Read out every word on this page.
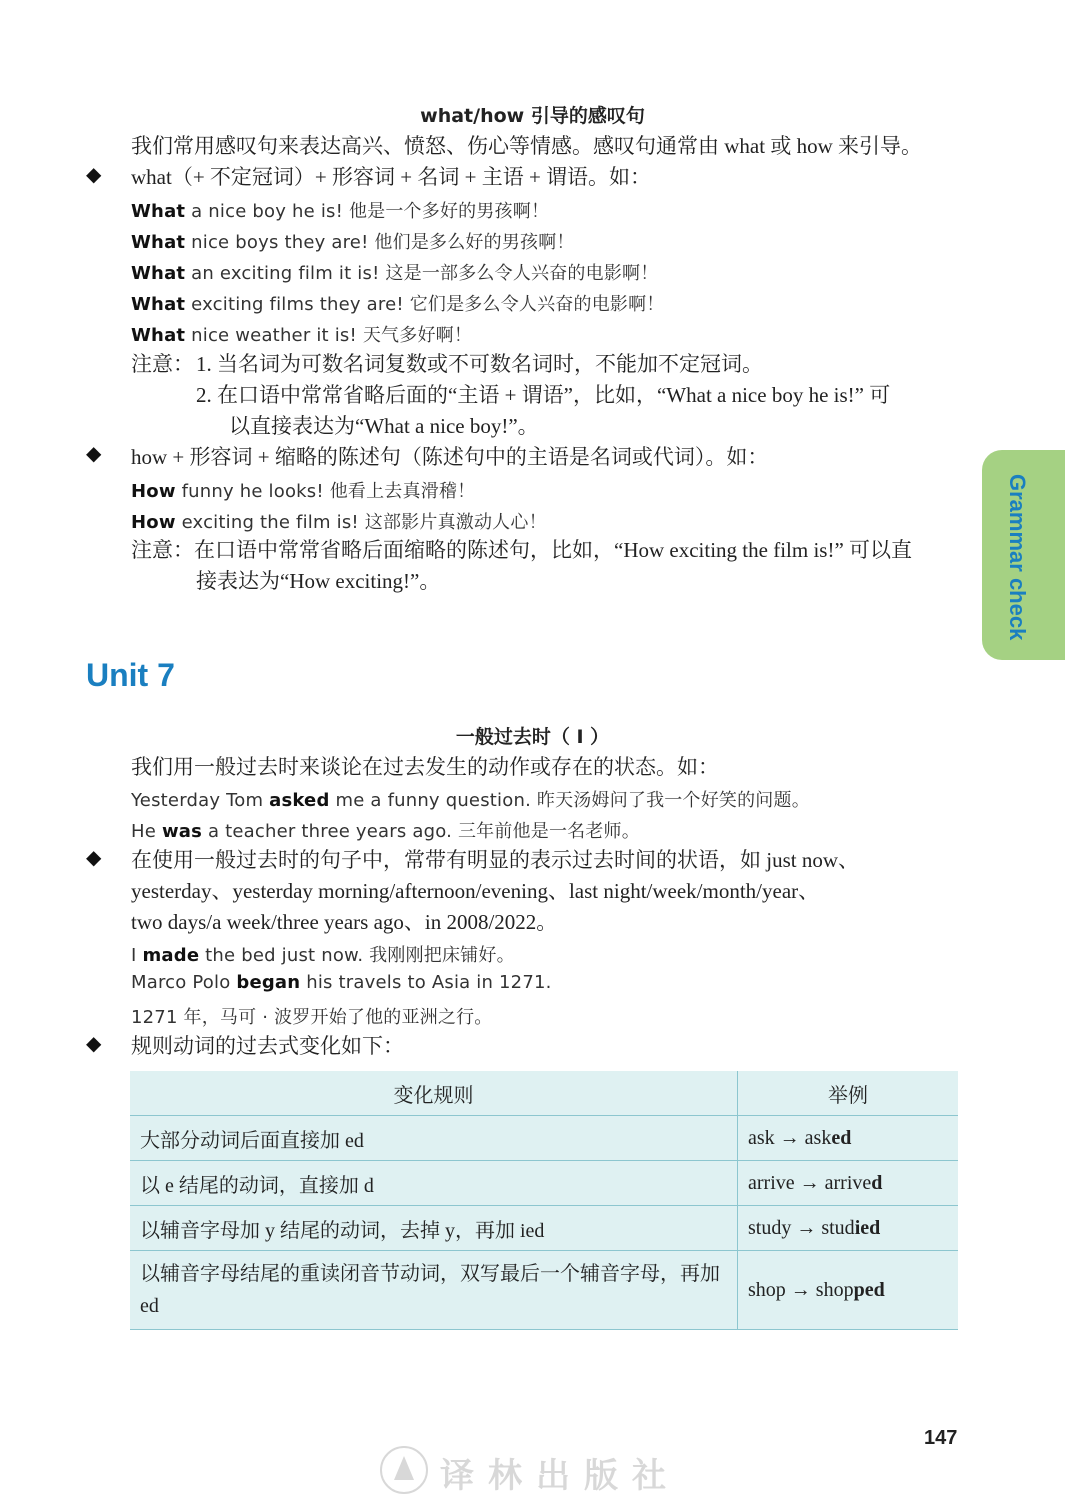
what/how 引导的感叹句
我们常用感叹句来表达高兴、愤怒、伤心等情感。感叹句通常由 what 或 how 来引导。
◆ what（+ 不定冠词）+ 形容词 + 名词 + 主语 + 谓语。如：
What a nice boy he is! 他是一个多好的男孩啊！
What nice boys they are! 他们是多么好的男孩啊！
What an exciting film it is! 这是一部多么令人兴奋的电影啊！
What exciting films they are! 它们是多么令人兴奋的电影啊！
What nice weather it is! 天气多好啊！
注意： 1. 当名词为可数名词复数或不可数名词时，不能加不定冠词。
2. 在口语中常常省略后面的“主语 + 谓语”，比如，“What a nice boy he is!” 可
以直接表达为“What a nice boy!”。
◆ how + 形容词 + 缩略的陈述句（陈述句中的主语是名词或代词）。如：
How funny he looks! 他看上去真滑稽！
How exciting the film is! 这部影片真激动人心！
注意：在口语中常常省略后面缩略的陈述句，比如，“How exciting the film is!” 可以直
接表达为“How exciting!”。	Grammar check
Unit 7
一般过去时（ I ）
我们用一般过去时来谈论在过去发生的动作或存在的状态。如：
Yesterday Tom asked me a funny question. 昨天汤姆问了我一个好笑的问题。
He was a teacher three years ago. 三年前他是一名老师。
◆ 在使用一般过去时的句子中，常带有明显的表示过去时间的状语，如 just now、
yesterday、yesterday morning/afternoon/evening、last night/week/month/year、
two days/a week/three years ago、in 2008/2022。
I made the bed just now. 我刚刚把床铺好。
Marco Polo began his travels to Asia in 1271.
1271 年，马可 · 波罗开始了他的亚洲之行。
◆ 规则动词的过去式变化如下：
变化规则	举例
大部分动词后面直接加 ed	ask → asked
以 e 结尾的动词，直接加 d	arrive → arrived
以辅音字母加 y 结尾的动词，去掉 y，再加 ied	study → studied
以辅音字母结尾的重读闭音节动词，双写最后一个辅音字母，再加 ed	shop → shopped
147
译林出版社
